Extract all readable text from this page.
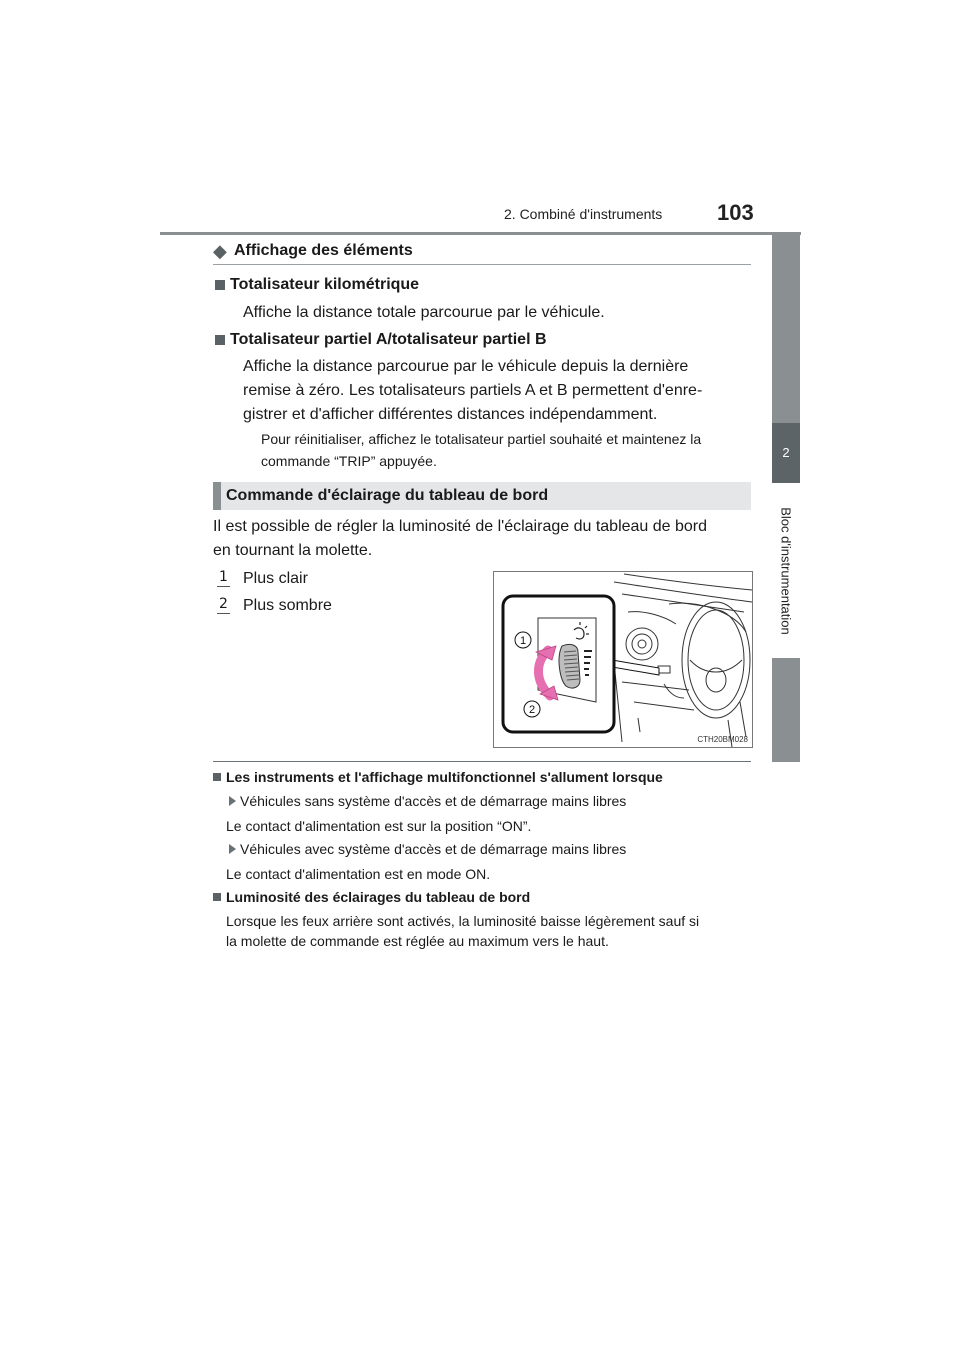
2. Combiné d'instruments 103
2
Bloc d'instrumentation
◆ Affichage des éléments
Totalisateur kilométrique
Affiche la distance totale parcourue par le véhicule.
Totalisateur partiel A/totalisateur partiel B
Affiche la distance parcourue par le véhicule depuis la dernière
remise à zéro. Les totalisateurs partiels A et B permettent d'enre-
gistrer et d'afficher différentes distances indépendamment.
Pour réinitialiser, affichez le totalisateur partiel souhaité et maintenez la
commande “TRIP” appuyée.
Commande d'éclairage du tableau de bord
Il est possible de régler la luminosité de l'éclairage du tableau de bord
en tournant la molette.
1 Plus clair
2 Plus sombre
1
2
CTH20BM028
Les instruments et l'affichage multifonctionnel s'allument lorsque
Véhicules sans système d'accès et de démarrage mains libres
Le contact d'alimentation est sur la position “ON”.
Véhicules avec système d'accès et de démarrage mains libres
Le contact d'alimentation est en mode ON.
Luminosité des éclairages du tableau de bord
Lorsque les feux arrière sont activés, la luminosité baisse légèrement sauf si
la molette de commande est réglée au maximum vers le haut.
